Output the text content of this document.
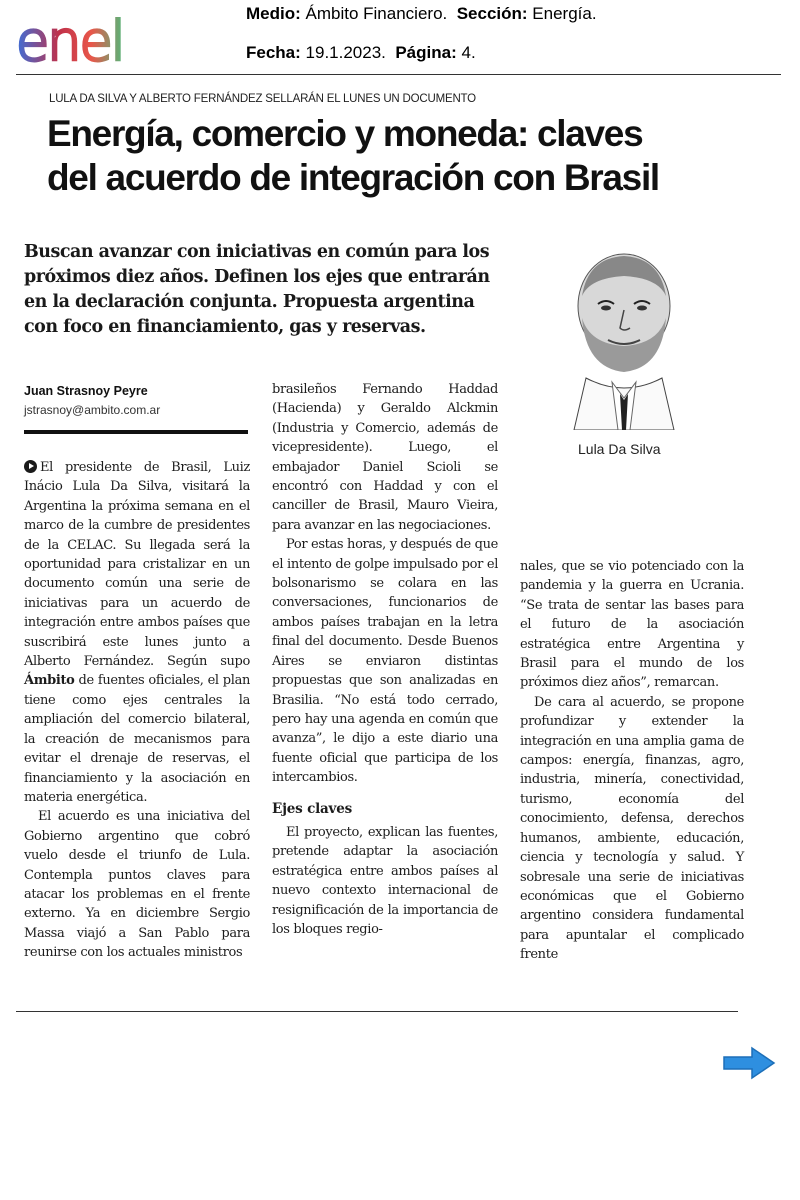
enel	Medio: Ámbito Financiero. Sección: Energía.
Fecha: 19.1.2023. Página: 4.
LULA DA SILVA Y ALBERTO FERNÁNDEZ SELLARÁN EL LUNES UN DOCUMENTO
Energía, comercio y moneda: claves
del acuerdo de integración con Brasil

Buscan avanzar con iniciativas en común para los próximos diez años. Definen los ejes que entrarán en la declaración conjunta. Propuesta argentina con foco en financiamiento, gas y reservas.

Lula Da Silva
Juan Strasnoy Peyre
jstrasnoy@ambito.com.ar

El presidente de Brasil, Luiz Inácio Lula Da Silva, visitará la Argentina la próxima semana en el marco de la cumbre de presidentes de la CELAC. Su llegada será la oportunidad para cristalizar en un documento común una serie de iniciativas para un acuerdo de integración entre ambos países que suscribirá este lunes junto a Alberto Fernández. Según supo Ámbito de fuentes oficiales, el plan tiene como ejes centrales la ampliación del comercio bilateral, la creación de mecanismos para evitar el drenaje de reservas, el financiamiento y la asociación en materia energética.

El acuerdo es una iniciativa del Gobierno argentino que cobró vuelo desde el triunfo de Lula. Contempla puntos claves para atacar los problemas en el frente externo. Ya en diciembre Sergio Massa viajó a San Pablo para reunirse con los actuales ministros

brasileños Fernando Haddad (Hacienda) y Geraldo Alckmin (Industria y Comercio, además de vicepresidente). Luego, el embajador Daniel Scioli se encontró con Haddad y con el canciller de Brasil, Mauro Vieira, para avanzar en las negociaciones.

Por estas horas, y después de que el intento de golpe impulsado por el bolsonarismo se colara en las conversaciones, funcionarios de ambos países trabajan en la letra final del documento. Desde Buenos Aires se enviaron distintas propuestas que son analizadas en Brasilia. “No está todo cerrado, pero hay una agenda en común que avanza”, le dijo a este diario una fuente oficial que participa de los intercambios.

Ejes claves

El proyecto, explican las fuentes, pretende adaptar la asociación estratégica entre ambos países al nuevo contexto internacional de resignificación de la importancia de los bloques regio-

nales, que se vio potenciado con la pandemia y la guerra en Ucrania. “Se trata de sentar las bases para el futuro de la asociación estratégica entre Argentina y Brasil para el mundo de los próximos diez años”, remarcan.

De cara al acuerdo, se propone profundizar y extender la integración en una amplia gama de campos: energía, finanzas, agro, industria, minería, conectividad, turismo, economía del conocimiento, defensa, derechos humanos, ambiente, educación, ciencia y tecnología y salud. Y sobresale una serie de iniciativas económicas que el Gobierno argentino considera fundamental para apuntalar el complicado frente
